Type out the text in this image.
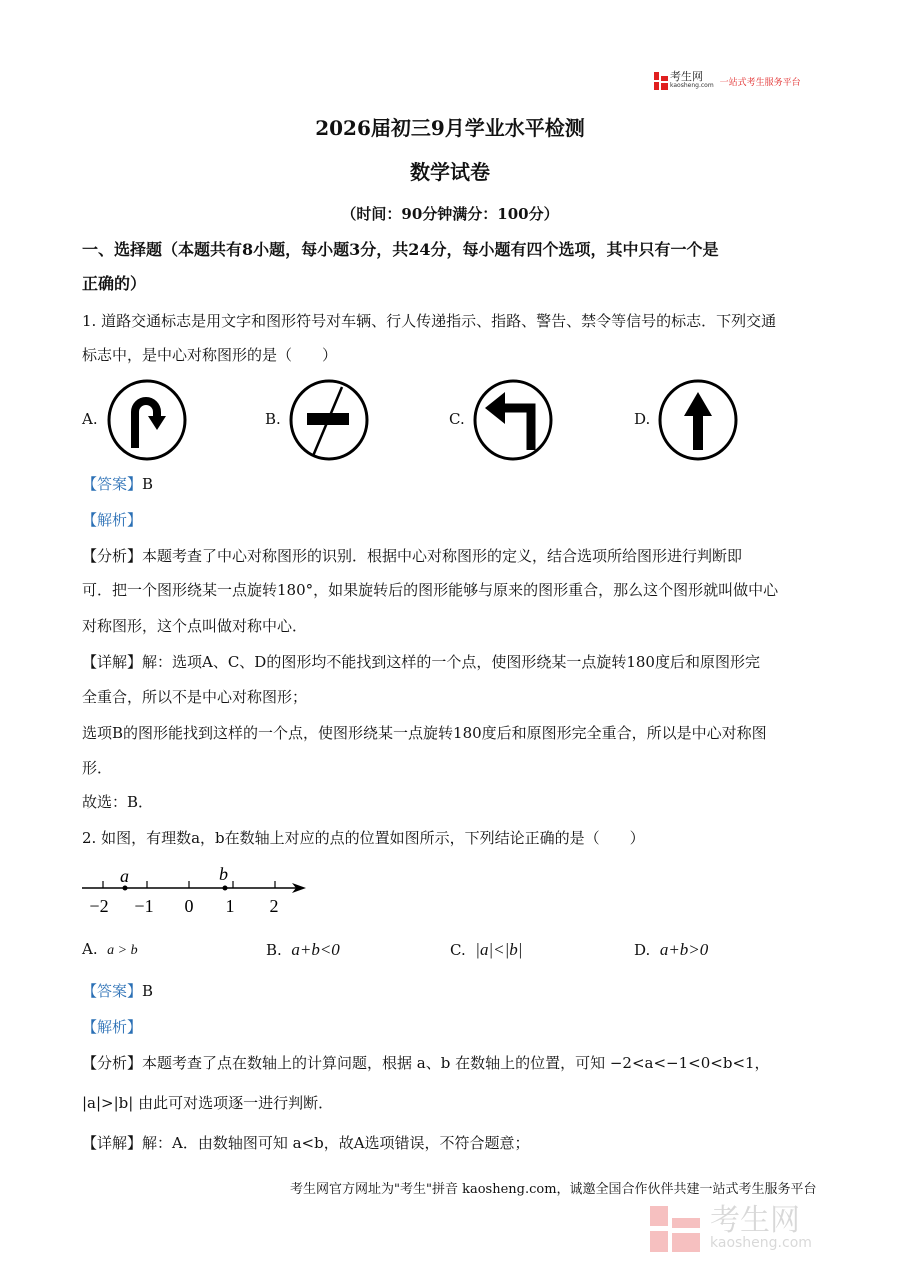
考生网
kaosheng.com 一站式考生服务平台
2026届初三9月学业水平检测
数学试卷
（时间：90分钟满分：100分）
一、选择题（本题共有8小题，每小题3分，共24分，每小题有四个选项，其中只有一个是
正确的）
1. 道路交通标志是用文字和图形符号对车辆、行人传递指示、指路、警告、禁令等信号的标志．下列交通
标志中，是中心对称图形的是（　　）
A.	B.	C.	D.
【答案】B
【解析】
【分析】本题考查了中心对称图形的识别．根据中心对称图形的定义，结合选项所给图形进行判断即
可．把一个图形绕某一点旋转180°，如果旋转后的图形能够与原来的图形重合，那么这个图形就叫做中心
对称图形，这个点叫做对称中心．
【详解】解：选项A、C、D的图形均不能找到这样的一个点，使图形绕某一点旋转180度后和原图形完
全重合，所以不是中心对称图形；
选项B的图形能找到这样的一个点，使图形绕某一点旋转180度后和原图形完全重合，所以是中心对称图
形．
故选：B．
2. 如图，有理数a，b在数轴上对应的点的位置如图所示，下列结论正确的是（　　）
a	b
−2 −1 0 1 2
A. a > b	B. a+b<0	C. |a|<|b|	D. a+b>0
【答案】B
【解析】
【分析】本题考查了点在数轴上的计算问题，根据 a、b 在数轴上的位置，可知 −2<a<−1<0<b<1，
|a|>|b| 由此可对选项逐一进行判断．
【详解】解：A．由数轴图可知 a<b，故A选项错误，不符合题意；
考生网官方网址为"考生"拼音 kaosheng.com，诚邀全国合作伙伴共建一站式考生服务平台
考生网
kaosheng.com
